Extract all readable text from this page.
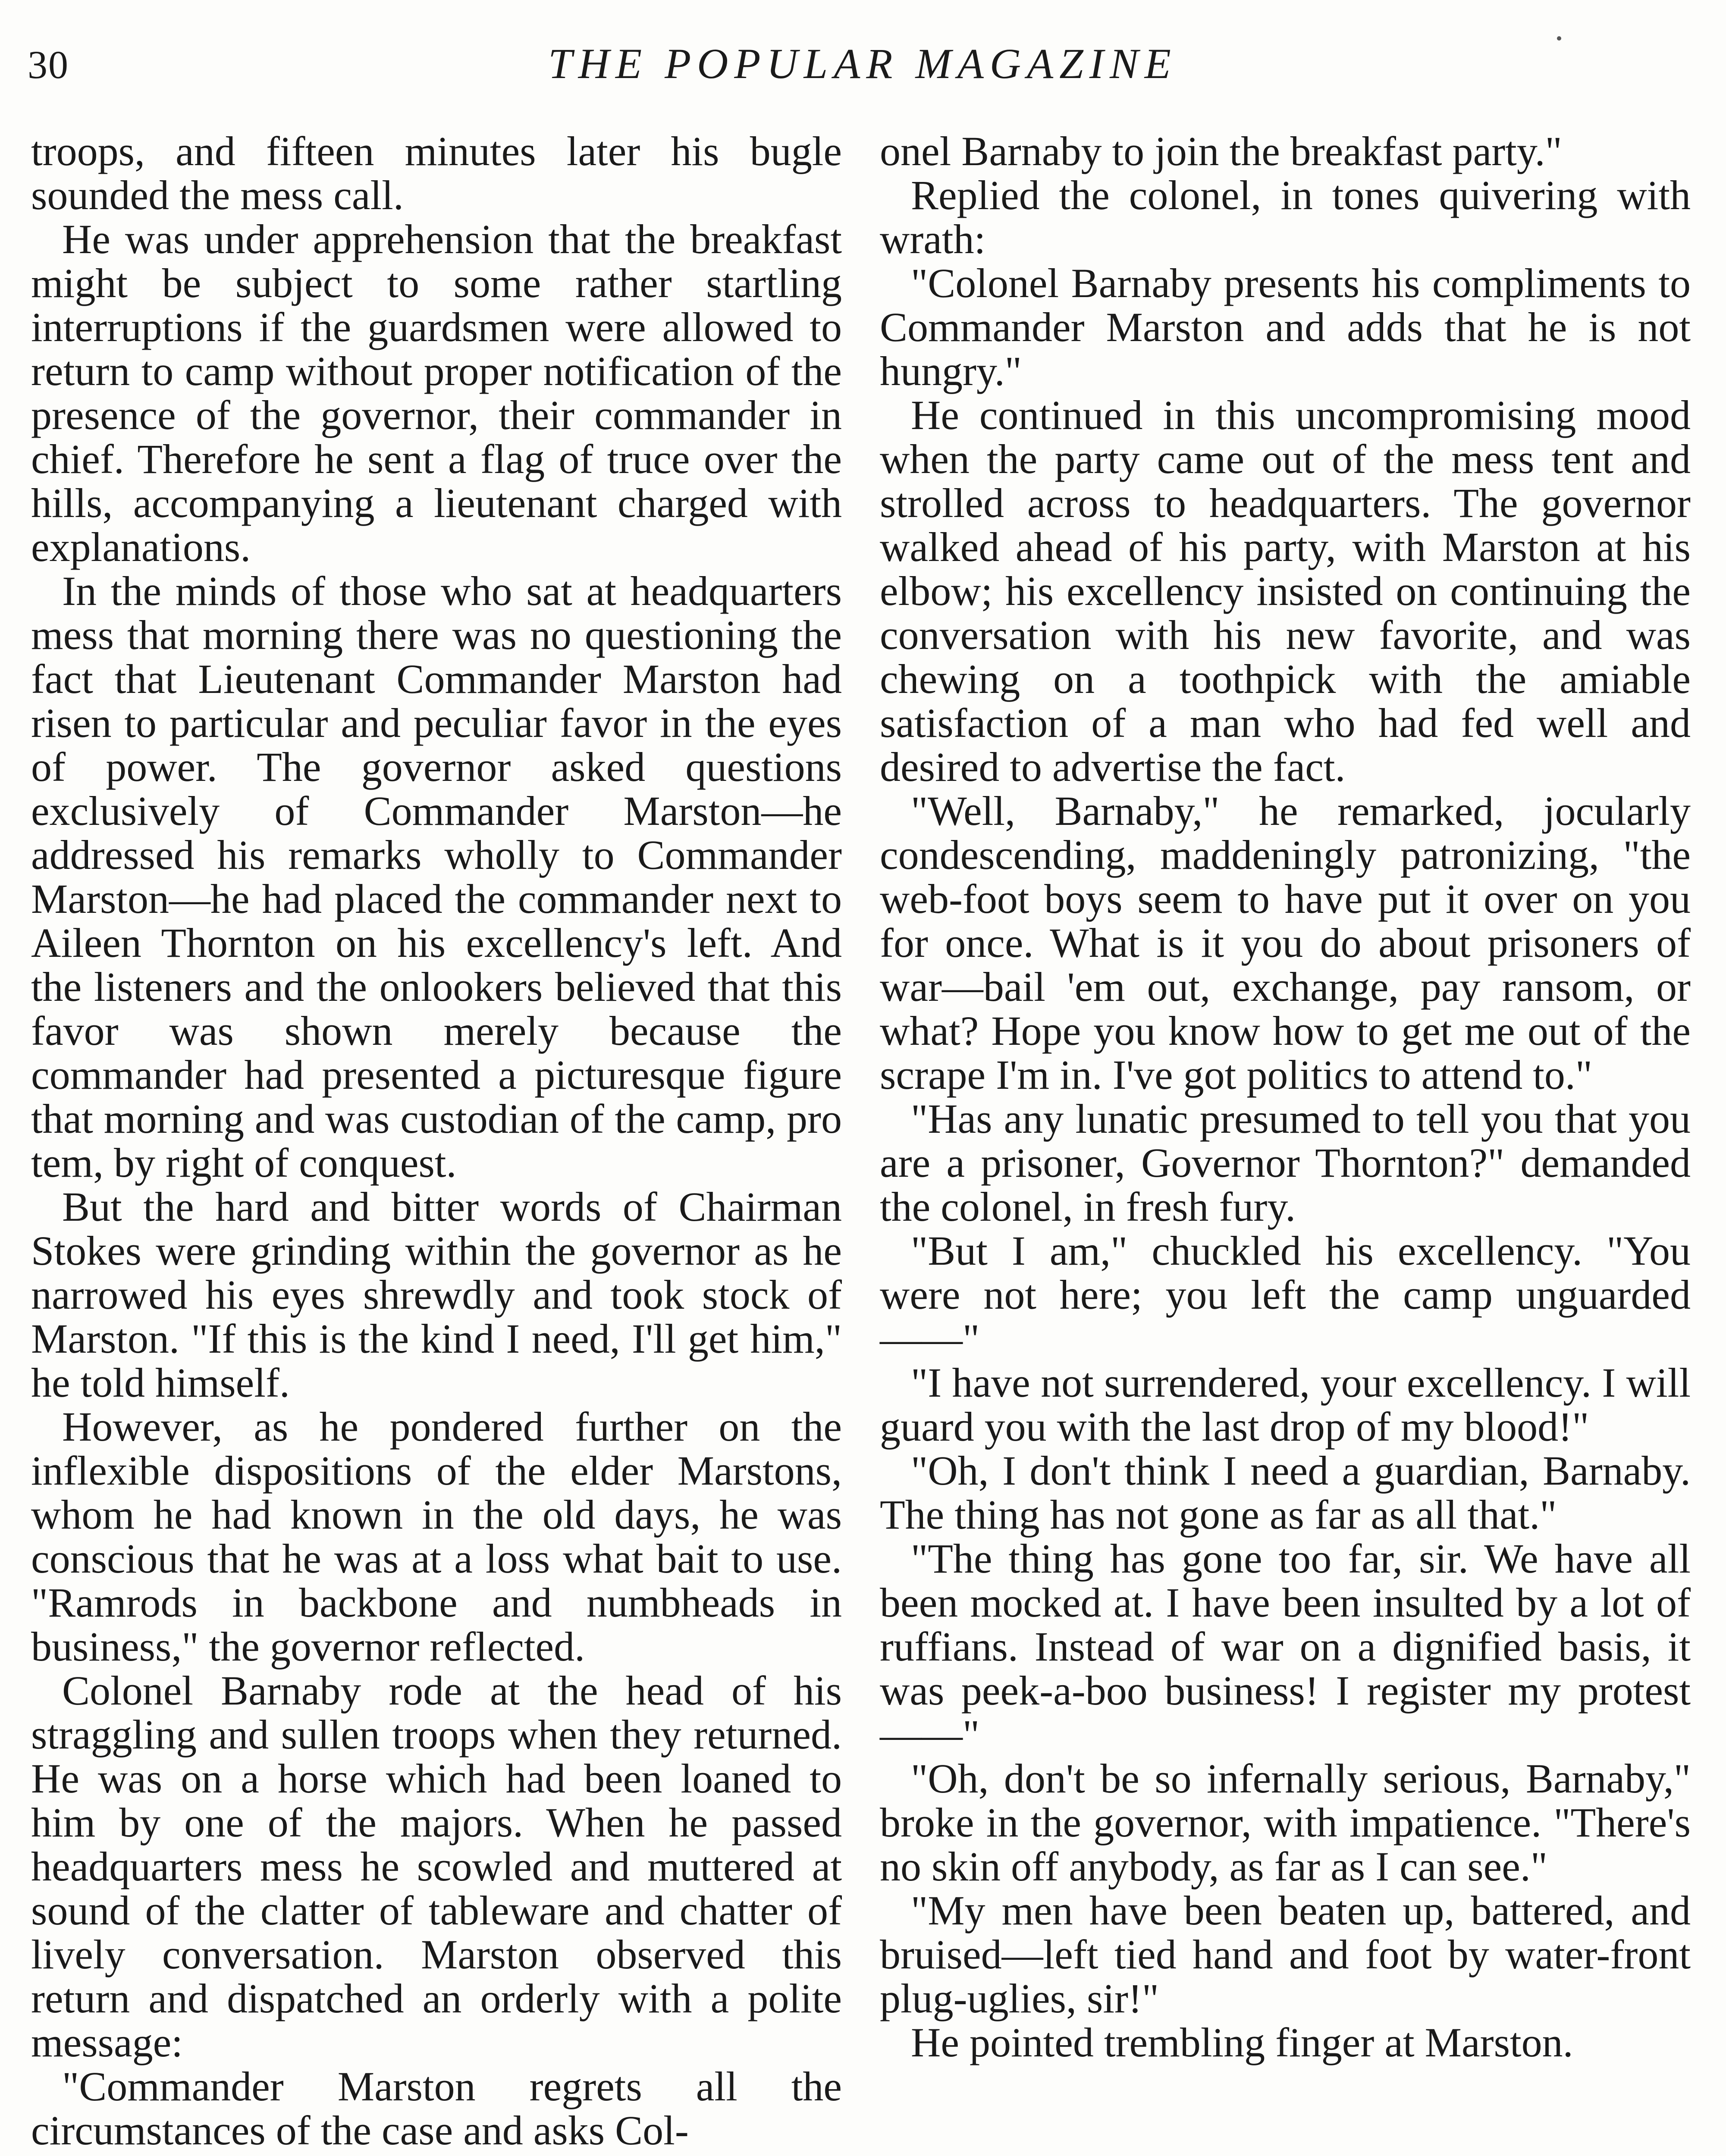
30	THE POPULAR MAGAZINE

troops, and fifteen minutes later his bugle sounded the mess call.

He was under apprehension that the breakfast might be subject to some rather startling interruptions if the guardsmen were allowed to return to camp without proper notification of the presence of the governor, their commander in chief. Therefore he sent a flag of truce over the hills, accompanying a lieutenant charged with explanations.

In the minds of those who sat at headquarters mess that morning there was no questioning the fact that Lieutenant Commander Marston had risen to particular and peculiar favor in the eyes of power. The governor asked questions exclusively of Commander Marston—he addressed his remarks wholly to Commander Marston—he had placed the commander next to Aileen Thornton on his excellency's left. And the listeners and the onlookers believed that this favor was shown merely because the commander had presented a picturesque figure that morning and was custodian of the camp, pro tem, by right of conquest.

But the hard and bitter words of Chairman Stokes were grinding within the governor as he narrowed his eyes shrewdly and took stock of Marston. "If this is the kind I need, I'll get him," he told himself.

However, as he pondered further on the inflexible dispositions of the elder Marstons, whom he had known in the old days, he was conscious that he was at a loss what bait to use. "Ramrods in backbone and numbheads in business," the governor reflected.

Colonel Barnaby rode at the head of his straggling and sullen troops when they returned. He was on a horse which had been loaned to him by one of the majors. When he passed headquarters mess he scowled and muttered at sound of the clatter of tableware and chatter of lively conversation. Marston observed this return and dispatched an orderly with a polite message:

"Commander Marston regrets all the circumstances of the case and asks Col-

onel Barnaby to join the breakfast party."

Replied the colonel, in tones quivering with wrath:

"Colonel Barnaby presents his compliments to Commander Marston and adds that he is not hungry."

He continued in this uncompromising mood when the party came out of the mess tent and strolled across to headquarters. The governor walked ahead of his party, with Marston at his elbow; his excellency insisted on continuing the conversation with his new favorite, and was chewing on a toothpick with the amiable satisfaction of a man who had fed well and desired to advertise the fact.

"Well, Barnaby," he remarked, jocularly condescending, maddeningly patronizing, "the web-foot boys seem to have put it over on you for once. What is it you do about prisoners of war—bail 'em out, exchange, pay ransom, or what? Hope you know how to get me out of the scrape I'm in. I've got politics to attend to."

"Has any lunatic presumed to tell you that you are a prisoner, Governor Thornton?" demanded the colonel, in fresh fury.

"But I am," chuckled his excellency. "You were not here; you left the camp unguarded——"

"I have not surrendered, your excellency. I will guard you with the last drop of my blood!"

"Oh, I don't think I need a guardian, Barnaby. The thing has not gone as far as all that."

"The thing has gone too far, sir. We have all been mocked at. I have been insulted by a lot of ruffians. Instead of war on a dignified basis, it was peek-a-boo business! I register my protest ——"

"Oh, don't be so infernally serious, Barnaby," broke in the governor, with impatience. "There's no skin off anybody, as far as I can see."

"My men have been beaten up, battered, and bruised—left tied hand and foot by water-front plug-uglies, sir!"

He pointed trembling finger at Marston.
